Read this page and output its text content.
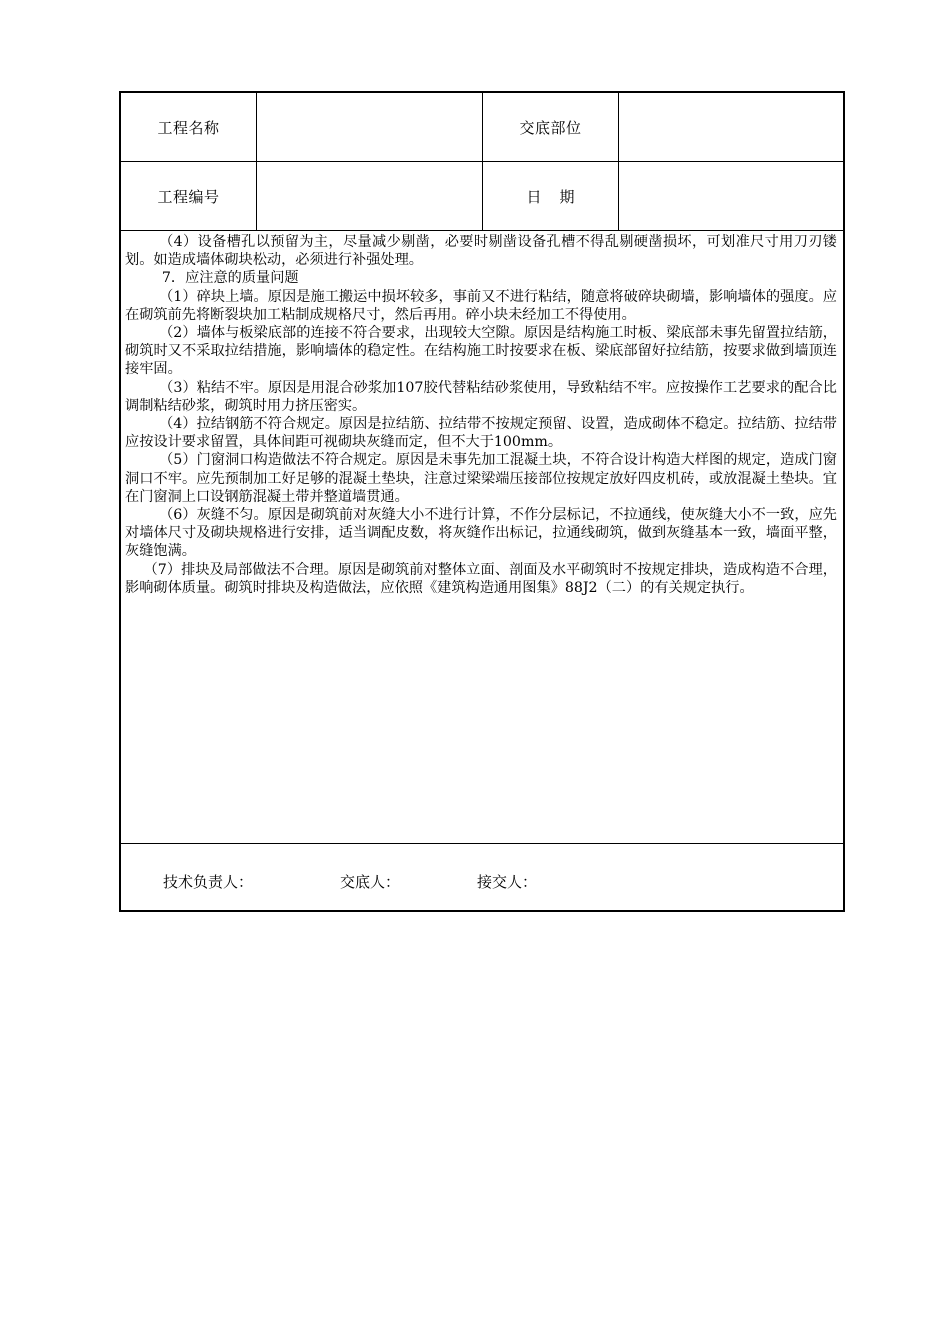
工程名称	交底部位
工程编号	日期

（4）设备槽孔以预留为主，尽量减少剔凿，必要时剔凿设备孔槽不得乱剔硬凿损坏，可划准尺寸用刀刃镂划。如造成墙体砌块松动，必须进行补强处理。

7．应注意的质量问题

（1）碎块上墙。原因是施工搬运中损坏较多，事前又不进行粘结，随意将破碎块砌墙，影响墙体的强度。应在砌筑前先将断裂块加工粘制成规格尺寸，然后再用。碎小块未经加工不得使用。

（2）墙体与板梁底部的连接不符合要求，出现较大空隙。原因是结构施工时板、梁底部未事先留置拉结筋，砌筑时又不采取拉结措施，影响墙体的稳定性。在结构施工时按要求在板、梁底部留好拉结筋，按要求做到墙顶连接牢固。

（3）粘结不牢。原因是用混合砂浆加107胶代替粘结砂浆使用，导致粘结不牢。应按操作工艺要求的配合比调制粘结砂浆，砌筑时用力挤压密实。

（4）拉结钢筋不符合规定。原因是拉结筋、拉结带不按规定预留、设置，造成砌体不稳定。拉结筋、拉结带应按设计要求留置，具体间距可视砌块灰缝而定，但不大于100mm。

（5）门窗洞口构造做法不符合规定。原因是未事先加工混凝土块，不符合设计构造大样图的规定，造成门窗洞口不牢。应先预制加工好足够的混凝土垫块，注意过梁梁端压接部位按规定放好四皮机砖，或放混凝土垫块。宜在门窗洞上口设钢筋混凝土带并整道墙贯通。

（6）灰缝不匀。原因是砌筑前对灰缝大小不进行计算，不作分层标记，不拉通线，使灰缝大小不一致，应先对墙体尺寸及砌块规格进行安排，适当调配皮数，将灰缝作出标记，拉通线砌筑，做到灰缝基本一致，墙面平整，灰缝饱满。

（7）排块及局部做法不合理。原因是砌筑前对整体立面、剖面及水平砌筑时不按规定排块，造成构造不合理，影响砌体质量。砌筑时排块及构造做法，应依照《建筑构造通用图集》88J2（二）的有关规定执行。

技术负责人：	交底人：	接交人：
